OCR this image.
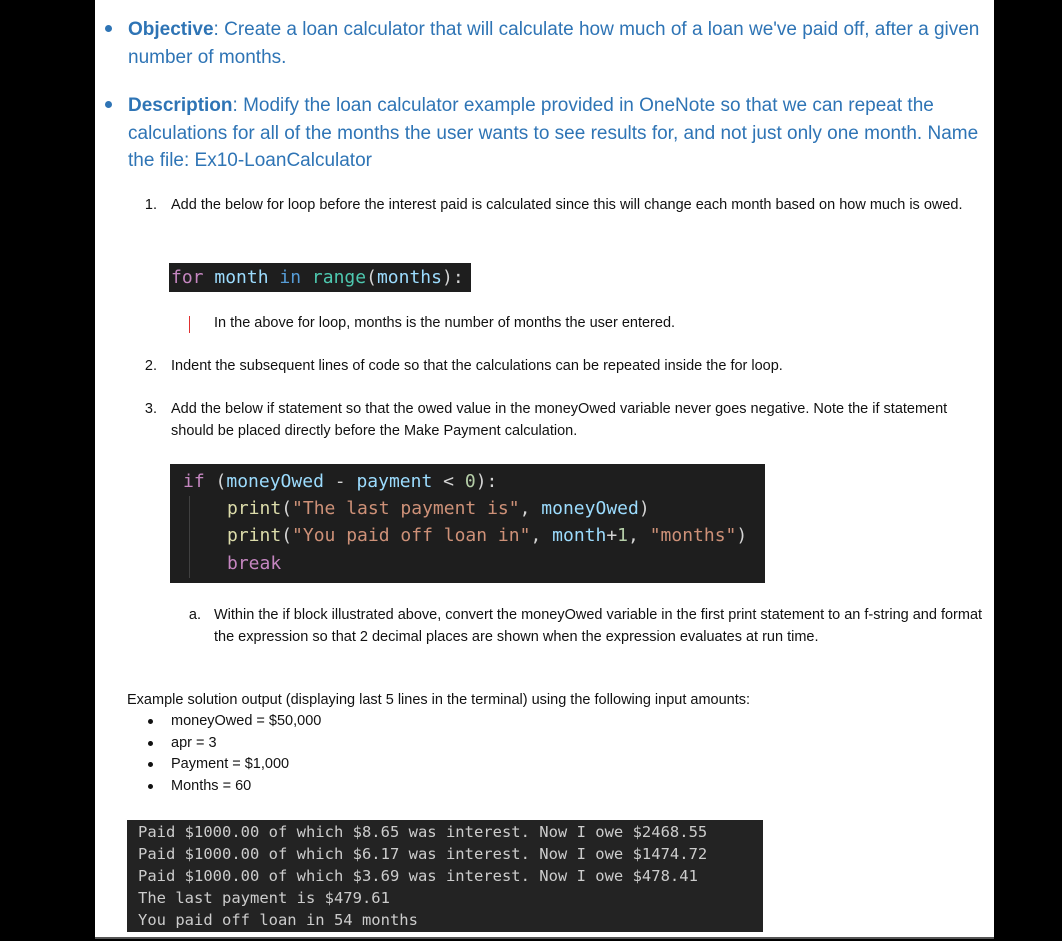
Objective: Create a loan calculator that will calculate how much of a loan we've paid off, after a given number of months.
Description: Modify the loan calculator example provided in OneNote so that we can repeat the calculations for all of the months the user wants to see results for, and not just only one month. Name the file: Ex10-LoanCalculator
1. Add the below for loop before the interest paid is calculated since this will change each month based on how much is owed.
for month in range(months):
In the above for loop, months is the number of months the user entered.
2. Indent the subsequent lines of code so that the calculations can be repeated inside the for loop.
3. Add the below if statement so that the owed value in the moneyOwed variable never goes negative. Note the if statement should be placed directly before the Make Payment calculation.

if (moneyOwed - payment < 0):

print("The last payment is", moneyOwed)

print("You paid off loan in", month+1, "months")

break

a. Within the if block illustrated above, convert the moneyOwed variable in the first print statement to an f-string and format the expression so that 2 decimal places are shown when the expression evaluates at run time.
Example solution output (displaying last 5 lines in the terminal) using the following input amounts:
moneyOwed = $50,000
apr = 3
Payment = $1,000
Months = 60
Paid $1000.00 of which $8.65 was interest. Now I owe $2468.55
Paid $1000.00 of which $6.17 was interest. Now I owe $1474.72
Paid $1000.00 of which $3.69 was interest. Now I owe $478.41
The last payment is $479.61
You paid off loan in 54 months
